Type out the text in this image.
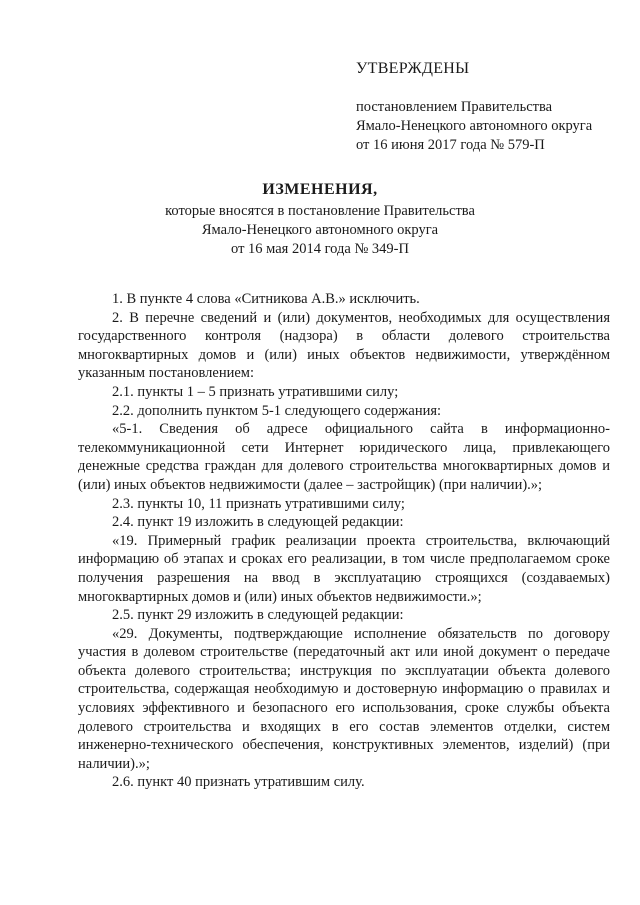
УТВЕРЖДЕНЫ
постановлением Правительства
Ямало-Ненецкого автономного округа
от 16 июня 2017 года № 579-П
ИЗМЕНЕНИЯ,
которые вносятся в постановление Правительства
Ямало-Ненецкого автономного округа
от 16 мая 2014 года № 349-П

1. В пункте 4 слова «Ситникова А.В.» исключить.

2. В перечне сведений и (или) документов, необходимых для осуществления государственного контроля (надзора) в области долевого строительства многоквартирных домов и (или) иных объектов недвижимости, утверждённом указанным постановлением:

2.1. пункты 1 – 5 признать утратившими силу;

2.2. дополнить пунктом 5-1 следующего содержания:

«5-1. Сведения об адресе официального сайта в информационно-телекоммуникационной сети Интернет юридического лица, привлекающего денежные средства граждан для долевого строительства многоквартирных домов и (или) иных объектов недвижимости (далее – застройщик) (при наличии).»;

2.3. пункты 10, 11 признать утратившими силу;

2.4. пункт 19 изложить в следующей редакции:

«19. Примерный график реализации проекта строительства, включающий информацию об этапах и сроках его реализации, в том числе предполагаемом сроке получения разрешения на ввод в эксплуатацию строящихся (создаваемых) многоквартирных домов и (или) иных объектов недвижимости.»;

2.5. пункт 29 изложить в следующей редакции:

«29. Документы, подтверждающие исполнение обязательств по договору участия в долевом строительстве (передаточный акт или иной документ о передаче объекта долевого строительства; инструкция по эксплуатации объекта долевого строительства, содержащая необходимую и достоверную информацию о правилах и условиях эффективного и безопасного его использования, сроке службы объекта долевого строительства и входящих в его состав элементов отделки, систем инженерно-технического обеспечения, конструктивных элементов, изделий) (при наличии).»;

2.6. пункт 40 признать утратившим силу.
